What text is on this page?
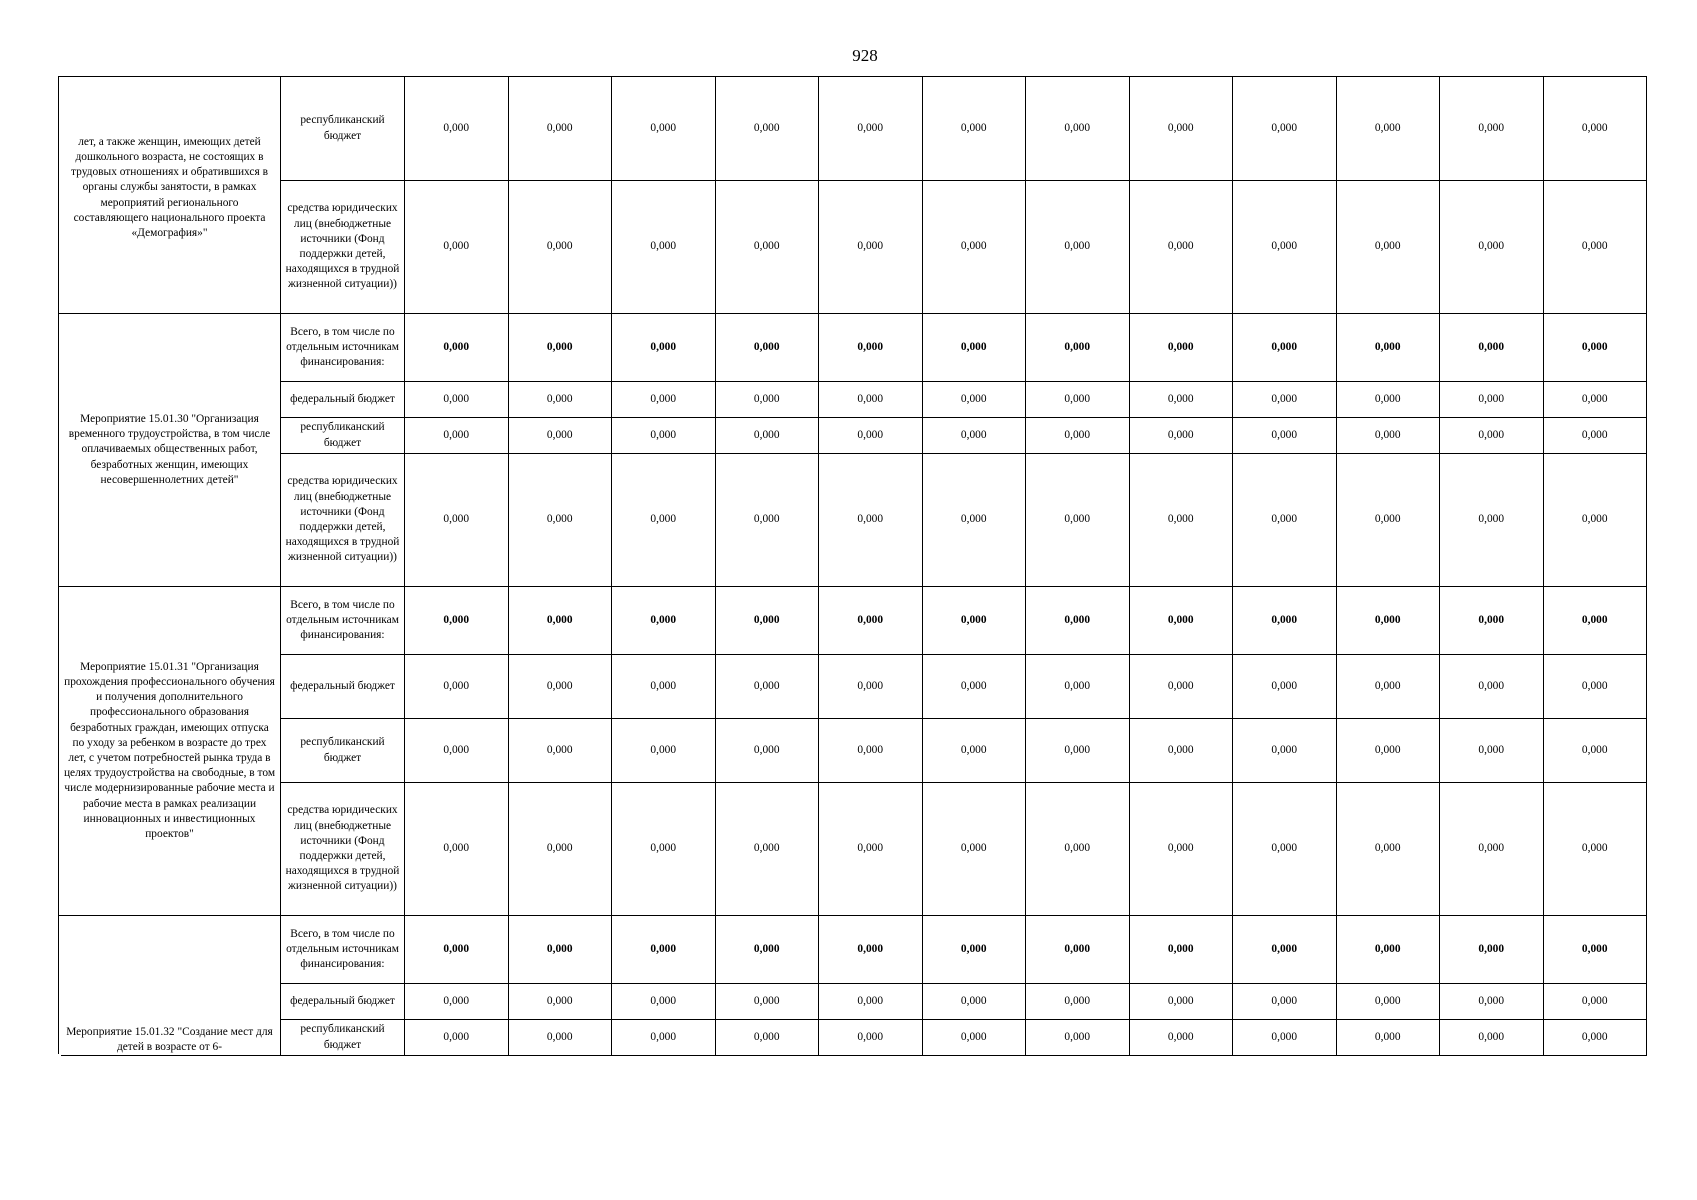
928
лет, а также женщин, имеющих детей дошкольного возраста, не состоящих в трудовых отношениях и обратившихся в органы службы занятости, в рамках мероприятий регионального составляющего национального проекта «Демография»"	республиканский бюджет	0,000	0,000	0,000	0,000	0,000	0,000	0,000	0,000	0,000	0,000	0,000	0,000
	средства юридических лиц (внебюджетные источники (Фонд поддержки детей, находящихся в трудной жизненной ситуации))	0,000	0,000	0,000	0,000	0,000	0,000	0,000	0,000	0,000	0,000	0,000	0,000

Мероприятие 15.01.30 "Организация временного трудоустройства, в том числе оплачиваемых общественных работ, безработных женщин, имеющих несовершеннолетних детей"	Всего, в том числе по отдельным источникам финансирования:	0,000	0,000	0,000	0,000	0,000	0,000	0,000	0,000	0,000	0,000	0,000	0,000
	федеральный бюджет	0,000	0,000	0,000	0,000	0,000	0,000	0,000	0,000	0,000	0,000	0,000	0,000
	республиканский бюджет	0,000	0,000	0,000	0,000	0,000	0,000	0,000	0,000	0,000	0,000	0,000	0,000
	средства юридических лиц (внебюджетные источники (Фонд поддержки детей, находящихся в трудной жизненной ситуации))	0,000	0,000	0,000	0,000	0,000	0,000	0,000	0,000	0,000	0,000	0,000	0,000

Мероприятие 15.01.31 "Организация прохождения профессионального обучения и получения дополнительного профессионального образования безработных граждан, имеющих отпуска по уходу за ребенком в возрасте до трех лет, с учетом потребностей рынка труда в целях трудоустройства на свободные, в том числе модернизированные рабочие места и рабочие места в рамках реализации инновационных и инвестиционных проектов"	Всего, в том числе по отдельным источникам финансирования:	0,000	0,000	0,000	0,000	0,000	0,000	0,000	0,000	0,000	0,000	0,000	0,000
	федеральный бюджет	0,000	0,000	0,000	0,000	0,000	0,000	0,000	0,000	0,000	0,000	0,000	0,000
	республиканский бюджет	0,000	0,000	0,000	0,000	0,000	0,000	0,000	0,000	0,000	0,000	0,000	0,000
	средства юридических лиц (внебюджетные источники (Фонд поддержки детей, находящихся в трудной жизненной ситуации))	0,000	0,000	0,000	0,000	0,000	0,000	0,000	0,000	0,000	0,000	0,000	0,000

Мероприятие 15.01.32 "Создание мест для детей в возрасте от 6-	Всего, в том числе по отдельным источникам финансирования:	0,000	0,000	0,000	0,000	0,000	0,000	0,000	0,000	0,000	0,000	0,000	0,000
	федеральный бюджет	0,000	0,000	0,000	0,000	0,000	0,000	0,000	0,000	0,000	0,000	0,000	0,000
	республиканский бюджет	0,000	0,000	0,000	0,000	0,000	0,000	0,000	0,000	0,000	0,000	0,000	0,000
